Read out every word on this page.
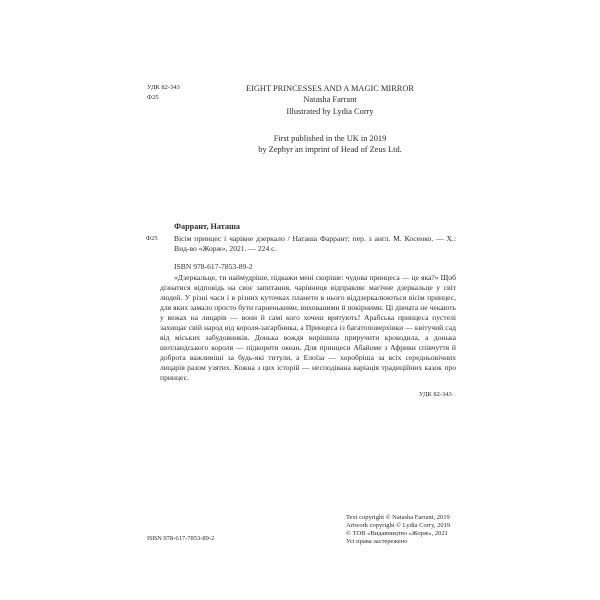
УДК 82-343
Ф25
EIGHT PRINCESSES AND A MAGIC MIRROR
Natasha Farrant
Illustrated by Lydia Corry
First published in the UK in 2019
by Zephyr an imprint of Head of Zeus Ltd.
Фаррант, Наташа
Ф25 Вісім принцес і чарівне дзеркало / Наташа Фаррант; пер. з англ. М. Косенко. — Х.: Вид-во «Жорж», 2021. — 224 с.
ISBN 978-617-7853-89-2

«Дзеркальце, ти наймудріше, підкажи мені скоріше: чудова принцеса — це яка?» Щоб дізнатися відповідь на своє запитання, чарівниця відправляє магічне дзеркальце у світ людей. У різні часи і в різних куточках планети в нього віддзеркалюються вісім принцес, для яких замало просто бути гарненькими, вихованими й покірними. Ці дівчата не чекають у вежах на лицарів — вони й самі кого хочеш врятують! Арабська принцеса пустелі захищає свій народ від короля-загарбника, а Принцеса із багатоповерхівки — квітучий сад від міських забудовників. Донька вождя вирішила приручити крокодила, а донька шотландського короля — підкорити океан. Для принцеси Абайоме з Африки співчуття й доброта важливіші за будь-які титули, а Елоїза — хоробріша за всіх середньовічних лицарів разом узятих. Кожна з цих історій — несподівана варіація традиційних казок про принцес.

УДК 82-343
Text copyright © Natasha Farrant, 2019
Artwork copyright © Lydia Corry, 2019
© ТОВ «Видавництво «Жорж», 2021
Усі права застережено
ISBN 978-617-7853-89-2
